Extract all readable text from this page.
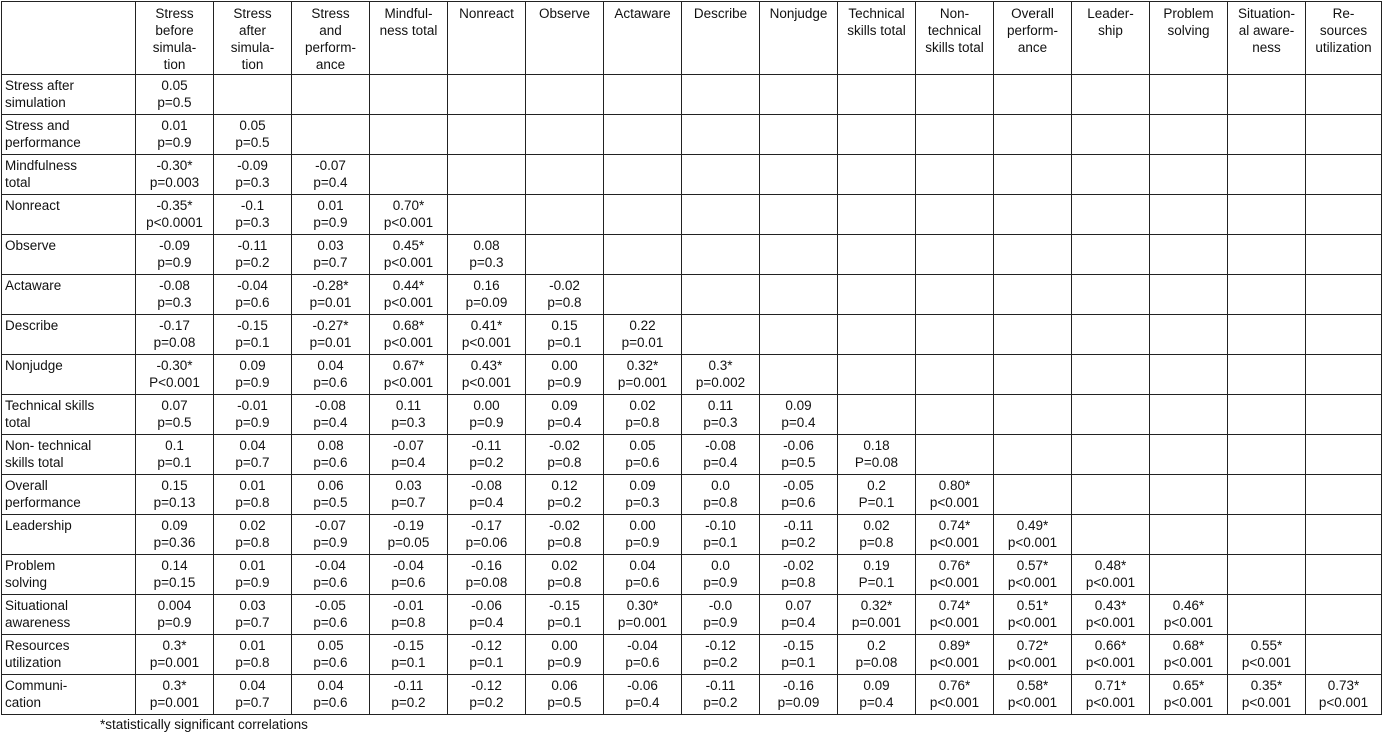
	Stress
before
simula-
tion	Stress
after
simula-
tion	Stress
and
perform-
ance	Mindful-
ness total	Nonreact	Observe	Actaware	Describe	Nonjudge	Technical
skills total	Non-
technical
skills total	Overall
perform-
ance	Leader-
ship	Problem
solving	Situation-
al aware-
ness	Re-
sources
utilization

Stress after
simulation	0.05
p=0.5															

Stress and
performance	0.01
p=0.9	0.05
p=0.5														

Mindfulness
total	-0.30*
p=0.003	-0.09
p=0.3	-0.07
p=0.4													

Nonreact	-0.35*
p<0.0001	-0.1
p=0.3	0.01
p=0.9	0.70*
p<0.001												

Observe	-0.09
p=0.9	-0.11
p=0.2	0.03
p=0.7	0.45*
p<0.001	0.08
p=0.3											

Actaware	-0.08
p=0.3	-0.04
p=0.6	-0.28*
p=0.01	0.44*
p<0.001	0.16
p=0.09	-0.02
p=0.8										

Describe	-0.17
p=0.08	-0.15
p=0.1	-0.27*
p=0.01	0.68*
p<0.001	0.41*
p<0.001	0.15
p=0.1	0.22
p=0.01									

Nonjudge	-0.30*
P<0.001	0.09
p=0.9	0.04
p=0.6	0.67*
p<0.001	0.43*
p<0.001	0.00
p=0.9	0.32*
p=0.001	0.3*
p=0.002								

Technical skills
total	0.07
p=0.5	-0.01
p=0.9	-0.08
p=0.4	0.11
p=0.3	0.00
p=0.9	0.09
p=0.4	0.02
p=0.8	0.11
p=0.3	0.09
p=0.4							

Non- technical
skills total	0.1
p=0.1	0.04
p=0.7	0.08
p=0.6	-0.07
p=0.4	-0.11
p=0.2	-0.02
p=0.8	0.05
p=0.6	-0.08
p=0.4	-0.06
p=0.5	0.18
P=0.08						

Overall
performance	0.15
p=0.13	0.01
p=0.8	0.06
p=0.5	0.03
p=0.7	-0.08
p=0.4	0.12
p=0.2	0.09
p=0.3	0.0
p=0.8	-0.05
p=0.6	0.2
P=0.1	0.80*
p<0.001					

Leadership	0.09
p=0.36	0.02
p=0.8	-0.07
p=0.9	-0.19
p=0.05	-0.17
p=0.06	-0.02
p=0.8	0.00
p=0.9	-0.10
p=0.1	-0.11
p=0.2	0.02
p=0.8	0.74*
p<0.001	0.49*
p<0.001				

Problem
solving	0.14
p=0.15	0.01
p=0.9	-0.04
p=0.6	-0.04
p=0.6	-0.16
p=0.08	0.02
p=0.8	0.04
p=0.6	0.0
p=0.9	-0.02
p=0.8	0.19
P=0.1	0.76*
p<0.001	0.57*
p<0.001	0.48*
p<0.001			

Situational
awareness	0.004
p=0.9	0.03
p=0.7	-0.05
p=0.6	-0.01
p=0.8	-0.06
p=0.4	-0.15
p=0.1	0.30*
p=0.001	-0.0
p=0.9	0.07
p=0.4	0.32*
p=0.001	0.74*
p<0.001	0.51*
p<0.001	0.43*
p<0.001	0.46*
p<0.001		

Resources
utilization	0.3*
p=0.001	0.01
p=0.8	0.05
p=0.6	-0.15
p=0.1	-0.12
p=0.1	0.00
p=0.9	-0.04
p=0.6	-0.12
p=0.2	-0.15
p=0.1	0.2
p=0.08	0.89*
p<0.001	0.72*
p<0.001	0.66*
p<0.001	0.68*
p<0.001	0.55*
p<0.001	

Communi-
cation	0.3*
p=0.001	0.04
p=0.7	0.04
p=0.6	-0.11
p=0.2	-0.12
p=0.2	0.06
p=0.5	-0.06
p=0.4	-0.11
p=0.2	-0.16
p=0.09	0.09
p=0.4	0.76*
p<0.001	0.58*
p<0.001	0.71*
p<0.001	0.65*
p<0.001	0.35*
p<0.001	0.73*
p<0.001
*statistically significant correlations
